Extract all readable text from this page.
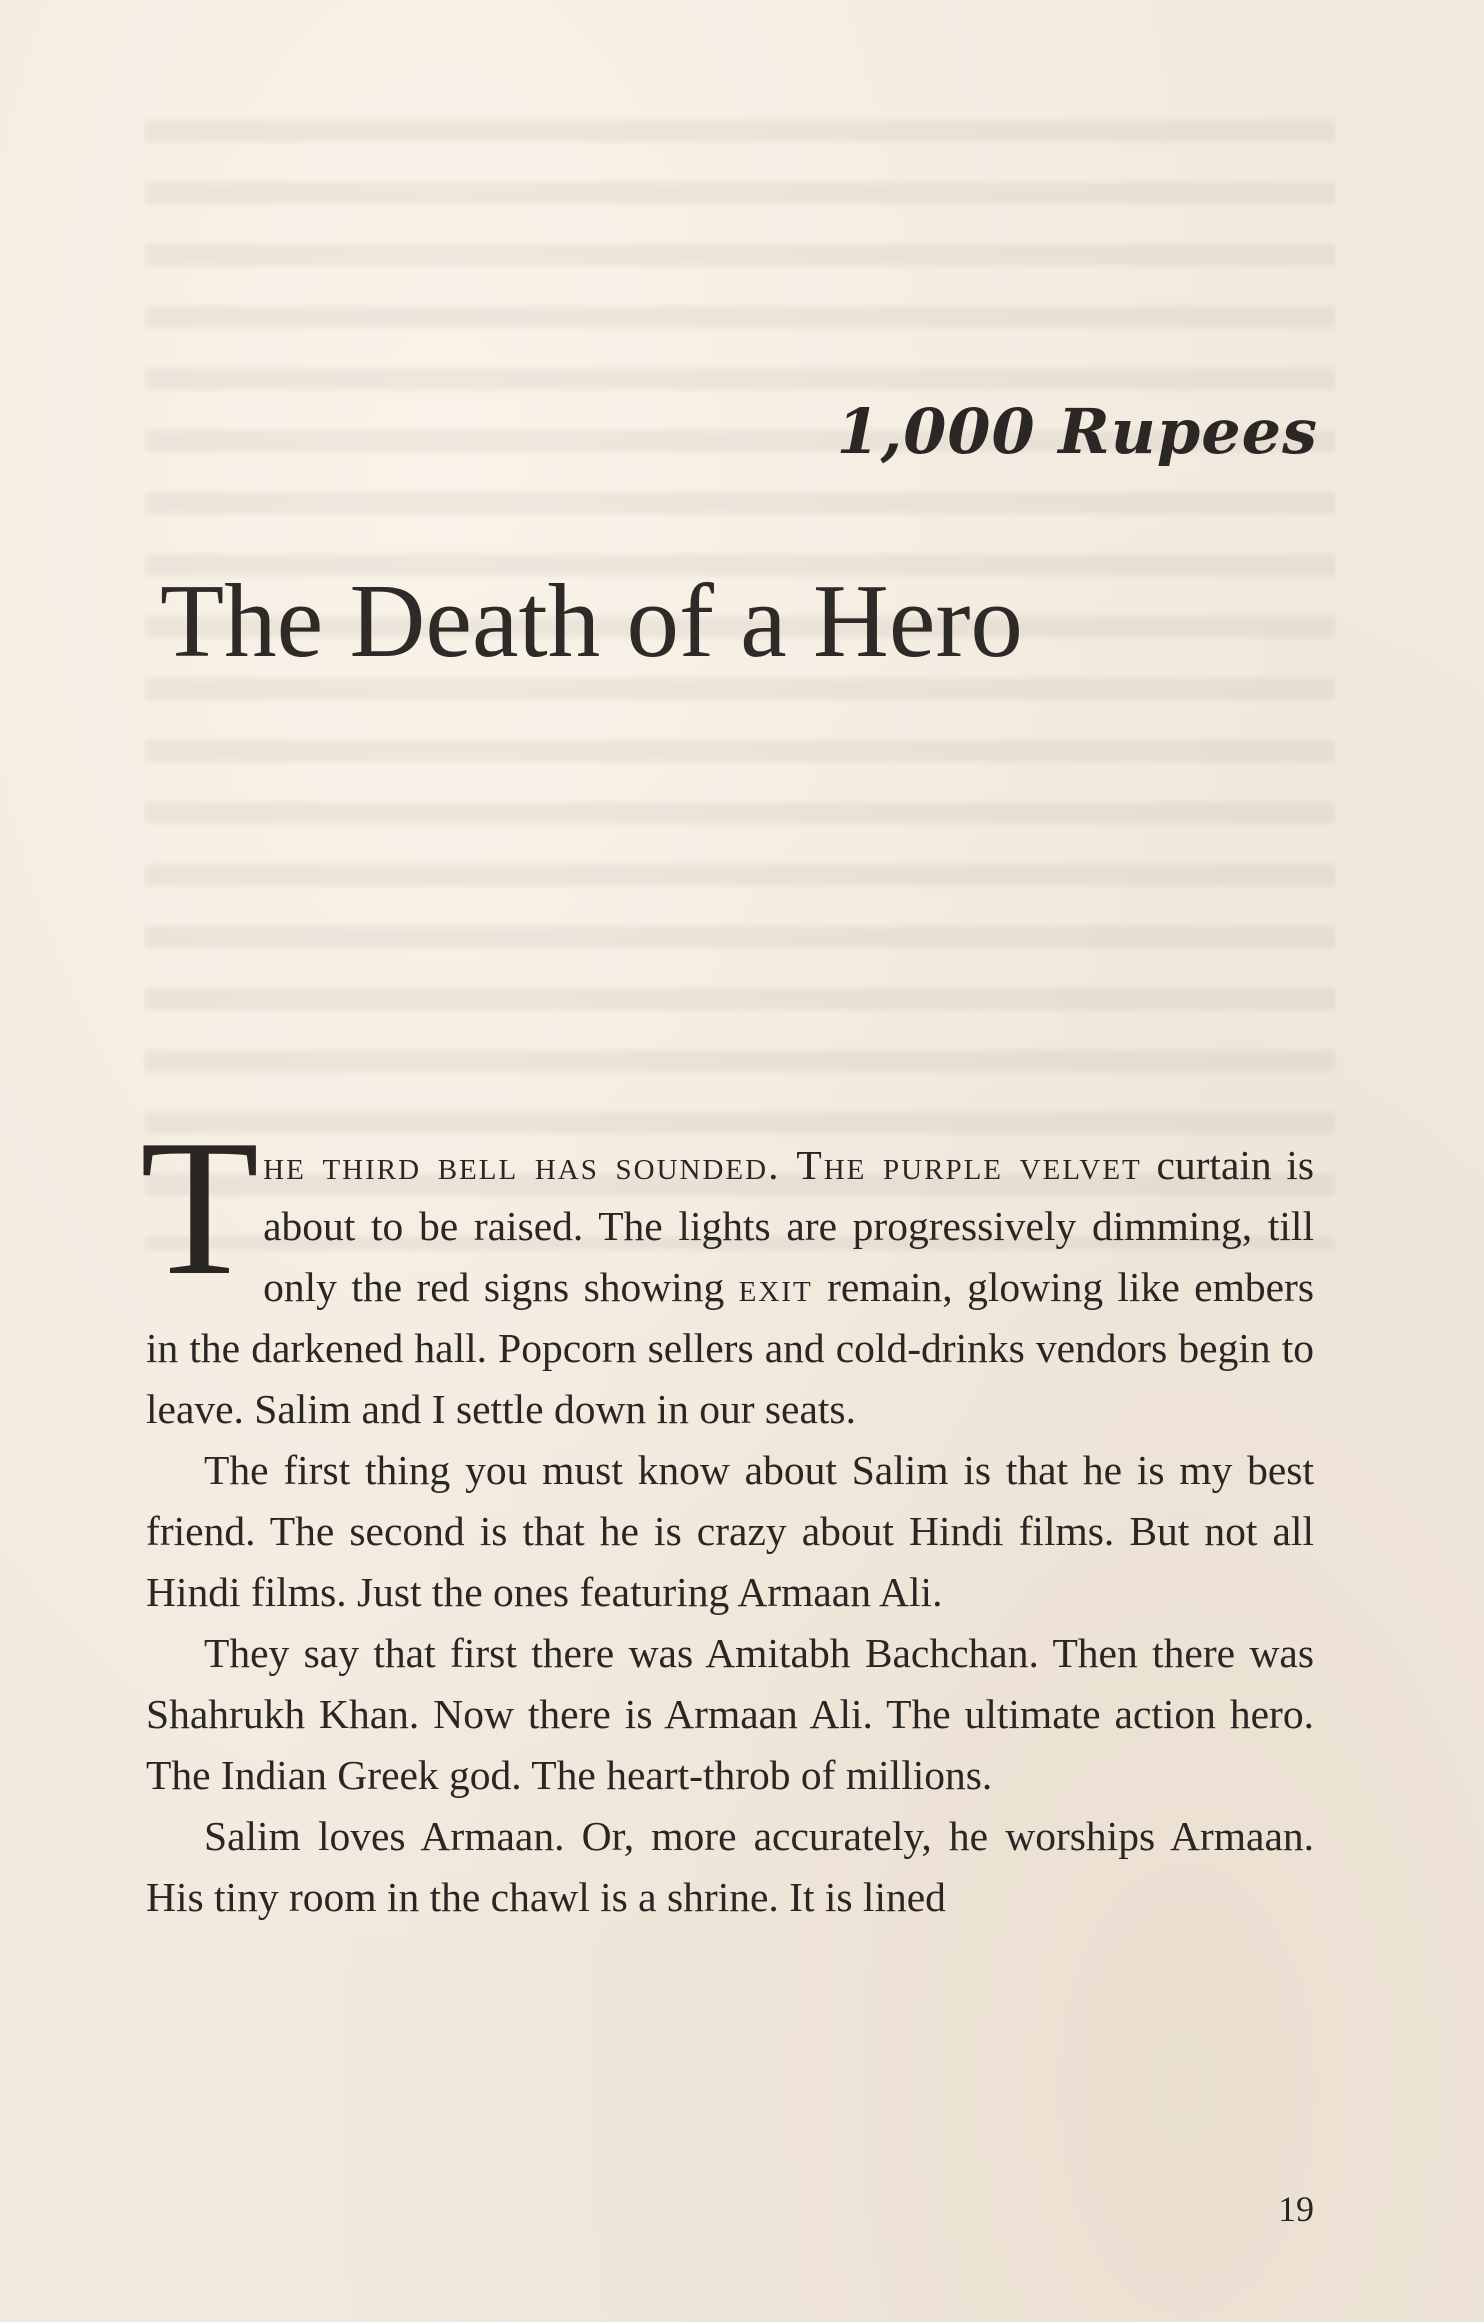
1,000 Rupees
The Death of a Hero

The third bell has sounded. The purple velvet curtain is about to be raised. The lights are progressively dimming, till only the red signs showing exit remain, glowing like embers in the darkened hall. Popcorn sellers and cold-drinks vendors begin to leave. Salim and I settle down in our seats.

The first thing you must know about Salim is that he is my best friend. The second is that he is crazy about Hindi films. But not all Hindi films. Just the ones featuring Armaan Ali.

They say that first there was Amitabh Bachchan. Then there was Shahrukh Khan. Now there is Armaan Ali. The ultimate action hero. The Indian Greek god. The heart-throb of millions.

Salim loves Armaan. Or, more accurately, he worships Armaan. His tiny room in the chawl is a shrine. It is lined

19
